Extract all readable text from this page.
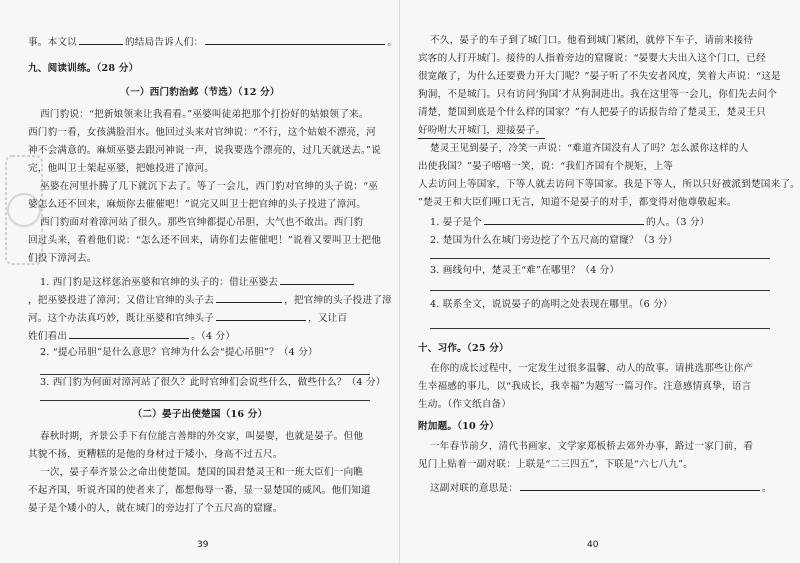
事。本文以	的结局告诉人们：	。
九、阅读训练。（28 分）
（一）西门豹治邺（节选）（12 分）
西门豹说：“把新娘领来让我看看。”巫婆叫徒弟把那个打扮好的姑娘领了来。
西门豹一看，女孩满脸泪水。他回过头来对官绅说：“不行，这个姑娘不漂亮，河
神不会满意的。麻烦巫婆去跟河神说一声，说我要选个漂亮的，过几天就送去。”说
完，他叫卫士架起巫婆，把她投进了漳河。
巫婆在河里扑腾了几下就沉下去了。等了一会儿，西门豹对官绅的头子说：“巫
婆怎么还不回来，麻烦你去催催吧！”说完又叫卫士把官绅的头子投进了漳河。
西门豹面对着漳河站了很久。那些官绅都提心吊胆，大气也不敢出。西门豹
回过头来，看着他们说：“怎么还不回来，请你们去催催吧！”说着又要叫卫士把他
们投下漳河去。
1. 西门豹是这样惩治巫婆和官绅的头子的：借让巫婆去
，把巫婆投进了漳河；又借让官绅的头子去	，把官绅的头子投进了漳
河。这个办法真巧妙，既让巫婆和官绅头子	，又让百
姓们看出	。（4 分）
2. “提心吊胆”是什么意思？官绅为什么会“提心吊胆”？（4 分）
3. 西门豹为何面对漳河站了很久？此时官绅们会说些什么，做些什么？（4 分）
（二）晏子出使楚国（16 分）
春秋时期，齐景公手下有位能言善辩的外交家，叫晏婴，也就是晏子。但他
其貌不扬，更糟糕的是他的身材过于矮小，身高不过五尺。
一次，晏子奉齐景公之命出使楚国。楚国的国君楚灵王和一班大臣们一向瞧
不起齐国，听说齐国的使者来了，都想侮辱一番，显一显楚国的威风。他们知道
晏子是个矮小的人，就在城门的旁边打了个五尺高的窟窿。
39
不久，晏子的车子到了城门口。他看到城门紧闭，就停下车子，请前来接待
宾客的人打开城门。接待的人指着旁边的窟窿说：“晏婴大夫出入这个门口，已经
很宽敞了，为什么还要费力开大门呢？”晏子听了不失安者风度，笑着大声说：“这是
狗洞，不是城门。只有访问‘狗国’才从狗洞进出。我在这里等一会儿，你们先去问个
清楚，楚国到底是个什么样的国家？”有人把晏子的话报告给了楚灵王，楚灵王只
好吩咐大开城门，迎接晏子。
楚灵王见到晏子，冷笑一声说：“难道齐国没有人了吗？怎么派你这样的人
出使我国？”晏子嘻嘻一笑，说：“我们齐国有个规矩，上等
人去访问上等国家，下等人就去访问下等国家。我是下等人，所以只好被派到楚国来了。
”楚灵王和大臣们哑口无言，知道不是晏子的对手，都变得对他尊敬起来。
1. 晏子是个	的人。（3 分）
2. 楚国为什么在城门旁边挖了个五尺高的窟窿？（3 分）
3. 画线句中，楚灵王“难”在哪里？（4 分）
4. 联系全文，说说晏子的高明之处表现在哪里。（6 分）
十、习作。（25 分）
在你的成长过程中，一定发生过很多温馨、动人的故事。请挑选那些让你产
生幸福感的事儿，以“我成长，我幸福”为题写一篇习作。注意感情真挚，语言
生动。（作文纸自备）
附加题。（10 分）
一年春节前夕，清代书画家、文学家郑板桥去郊外办事，路过一家门前，看
见门上贴着一副对联：上联是“二三四五”，下联是“六七八九”。
这副对联的意思是：	。
40
